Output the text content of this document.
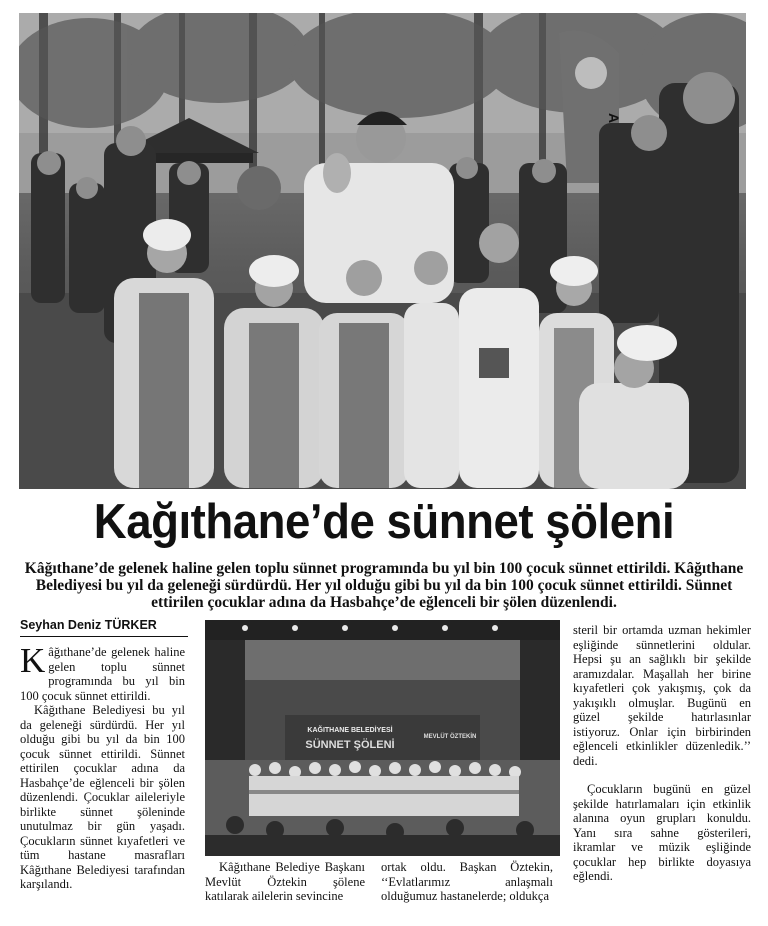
Kağıthane’de sünnet şöleni
Kâğıthane’de gelenek haline gelen toplu sünnet programında bu yıl bin 100 çocuk sünnet ettirildi. Kâğıthane Belediyesi bu yıl da geleneği sürdürdü. Her yıl olduğu gibi bu yıl da bin 100 çocuk sünnet ettirildi. Sünnet ettirilen çocuklar adına da Hasbahçe’de eğlenceli bir şölen düzenlendi.
Seyhan Deniz TÜRKER

Kâğıthane’de gelenek haline gelen toplu sünnet programında bu yıl bin 100 çocuk sünnet ettirildi.

Kâğıthane Belediyesi bu yıl da geleneği sürdürdü. Her yıl olduğu gibi bu yıl da bin 100 çocuk sünnet ettirildi. Sünnet ettirilen çocuklar adına da Hasbahçe’de eğlenceli bir şölen düzenlendi. Çocuklar aileleriyle birlikte sünnet şöleninde unutulmaz bir gün yaşadı. Çocukların sünnet kıyafetleri ve tüm hastane masrafları Kâğıthane Belediyesi tarafından karşılandı.

KAĞITHANE BELEDİYESİ
SÜNNET ŞÖLENİ
MEVLÜT ÖZTEKİN

Kâğıthane Belediye Başkanı Mevlüt Öztekin şölene katılarak ailelerin sevincine

ortak oldu. Başkan Öztekin, ‘‘Evlatlarımız anlaşmalı olduğumuz hastanelerde; oldukça

steril bir ortamda uzman hekimler eşliğinde sünnetlerini oldular. Hepsi şu an sağlıklı bir şekilde aramızdalar. Maşallah her birine kıyafetleri çok yakışmış, çok da yakışıklı olmuşlar. Bugünü en güzel şekilde hatırlasınlar istiyoruz. Onlar için birbirinden eğlenceli etkinlikler düzenledik.’’ dedi.

Çocukların bugünü en güzel şekilde hatırlamaları için etkinlik alanına oyun grupları konuldu. Yanı sıra sahne gösterileri, ikramlar ve müzik eşliğinde çocuklar hep birlikte doyasıya eğlendi.
